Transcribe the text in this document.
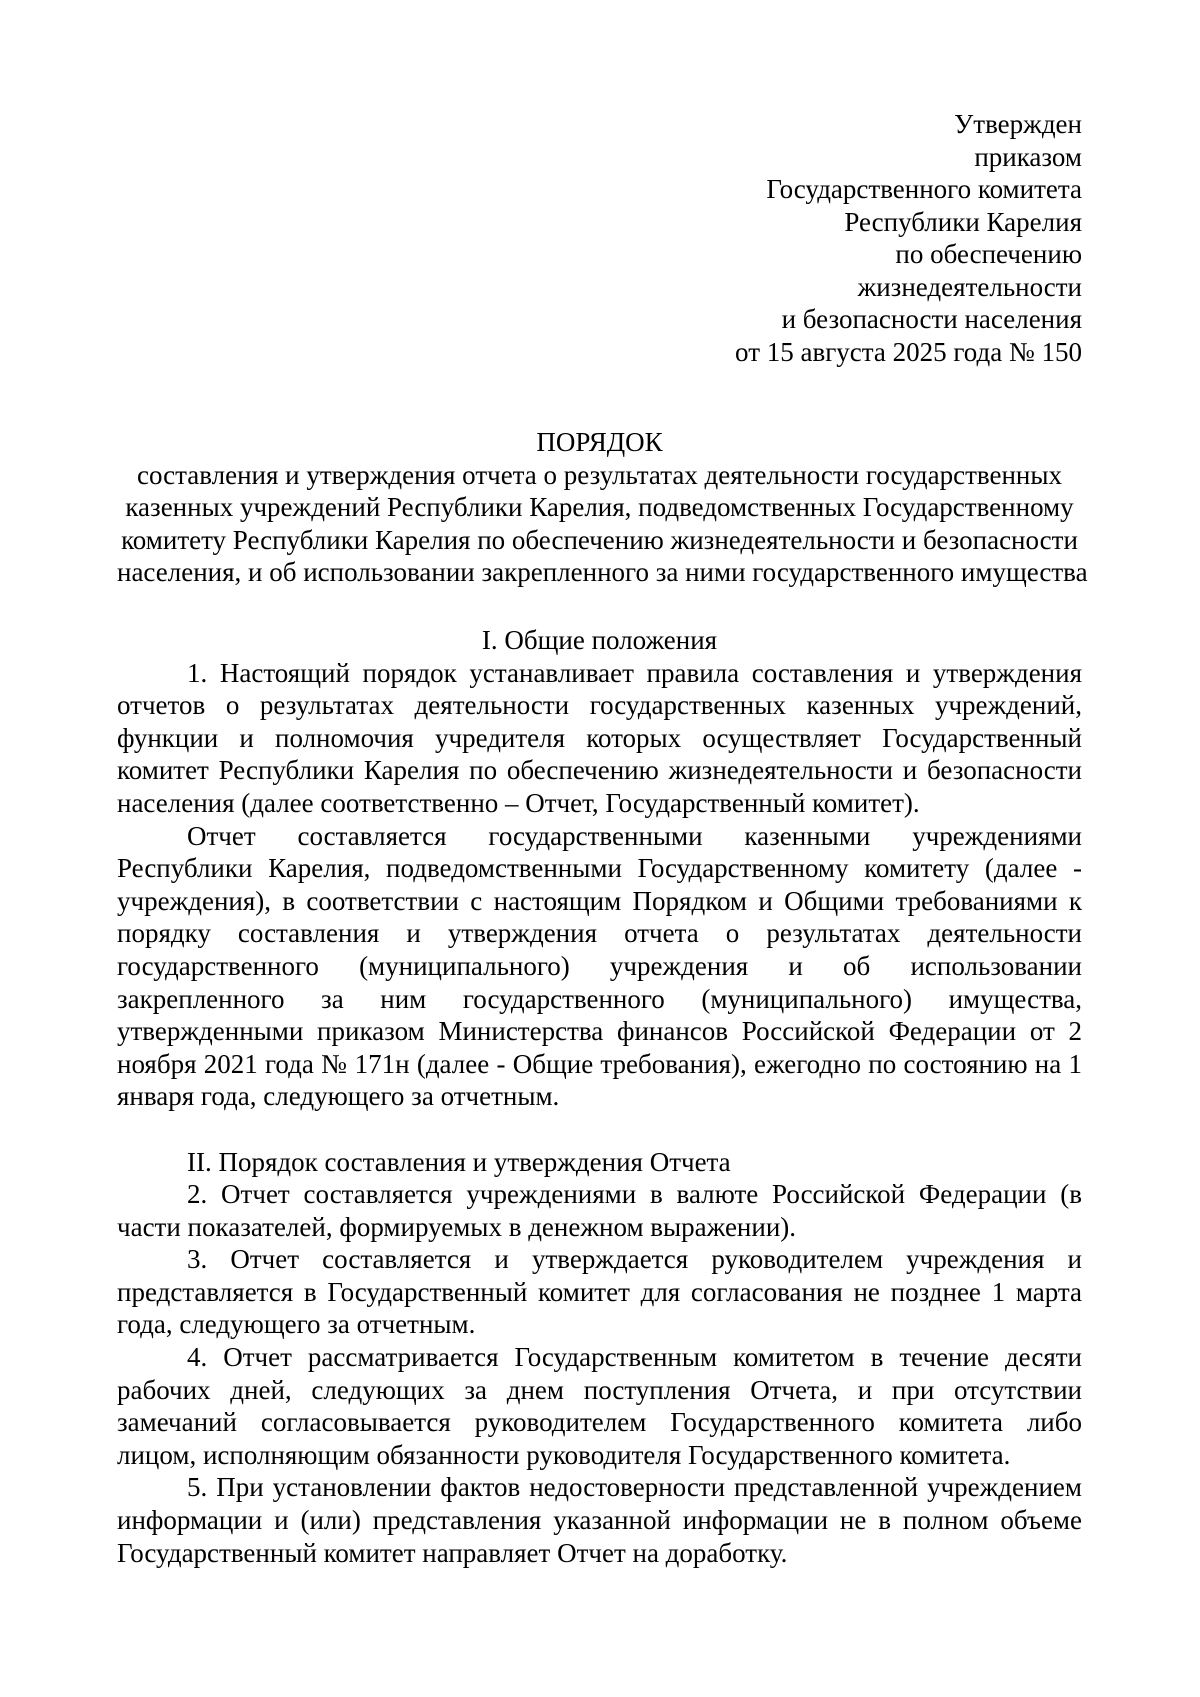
Утвержден
приказом
Государственного комитета
Республики Карелия
по обеспечению
жизнедеятельности
и безопасности населения
от 15 августа 2025 года № 150
ПОРЯДОК
составления и утверждения отчета о результатах деятельности государственных
казенных учреждений Республики Карелия, подведомственных Государственному
комитету Республики Карелия по обеспечению жизнедеятельности и безопасности
населения, и об использовании закрепленного за ними государственного имущества

I. Общие положения

1. Настоящий порядок устанавливает правила составления и утверждения отчетов о результатах деятельности государственных казенных учреждений, функции и полномочия учредителя которых осуществляет Государственный комитет Республики Карелия по обеспечению жизнедеятельности и безопасности населения (далее соответственно – Отчет, Государственный комитет).

Отчет составляется государственными казенными учреждениями Республики Карелия, подведомственными Государственному комитету (далее - учреждения), в соответствии с настоящим Порядком и Общими требованиями к порядку составления и утверждения отчета о результатах деятельности государственного (муниципального) учреждения и об использовании закрепленного за ним государственного (муниципального) имущества, утвержденными приказом Министерства финансов Российской Федерации от 2 ноября 2021 года № 171н (далее - Общие требования), ежегодно по состоянию на 1 января года, следующего за отчетным.

II. Порядок составления и утверждения Отчета

2. Отчет составляется учреждениями в валюте Российской Федерации (в части показателей, формируемых в денежном выражении).

3. Отчет составляется и утверждается руководителем учреждения и представляется в Государственный комитет для согласования не позднее 1 марта года, следующего за отчетным.

4. Отчет рассматривается Государственным комитетом в течение десяти рабочих дней, следующих за днем поступления Отчета, и при отсутствии замечаний согласовывается руководителем Государственного комитета либо лицом, исполняющим обязанности руководителя Государственного комитета.

5. При установлении фактов недостоверности представленной учреждением информации и (или) представления указанной информации не в полном объеме Государственный комитет направляет Отчет на доработку.
